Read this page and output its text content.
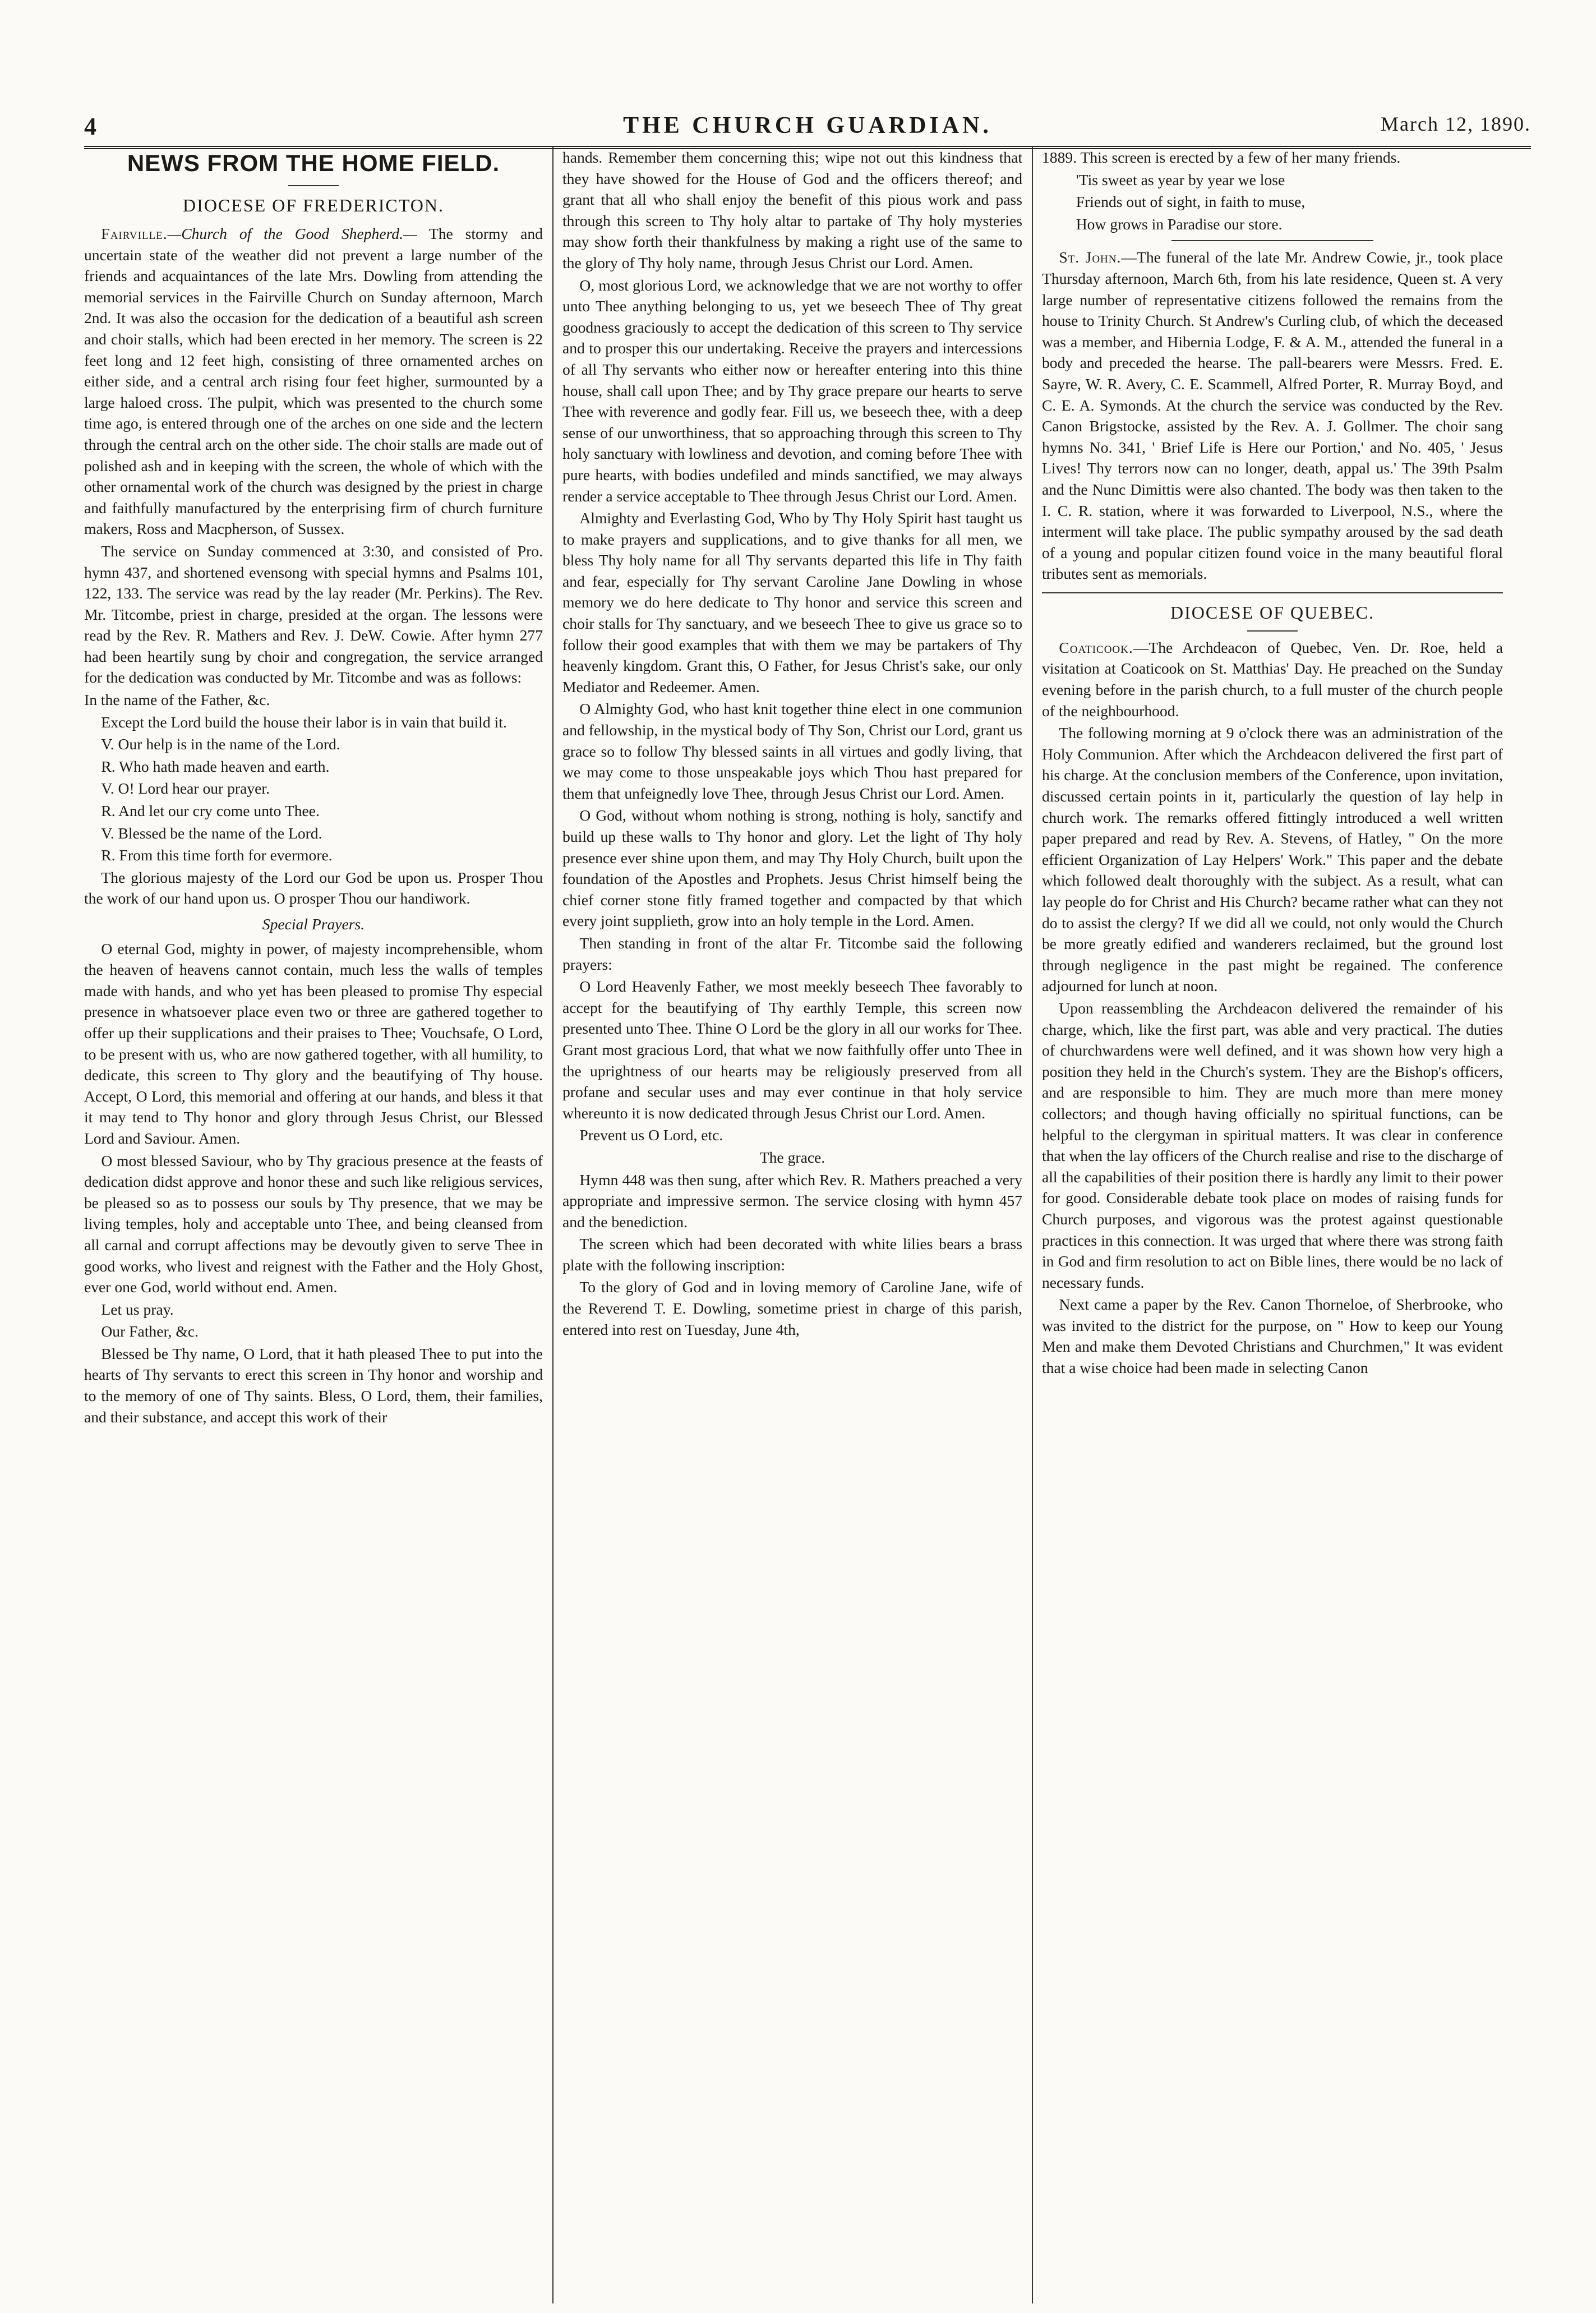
4	THE CHURCH GUARDIAN.	March 12, 1890.
NEWS FROM THE HOME FIELD.
DIOCESE OF FREDERICTON.

Fairville.—Church of the Good Shepherd.— The stormy and uncertain state of the weather did not prevent a large number of the friends and acquaintances of the late Mrs. Dowling from attending the memorial services in the Fairville Church on Sunday afternoon, March 2nd. It was also the occasion for the dedication of a beautiful ash screen and choir stalls, which had been erected in her memory. The screen is 22 feet long and 12 feet high, consisting of three ornamented arches on either side, and a central arch rising four feet higher, surmounted by a large haloed cross. The pulpit, which was presented to the church some time ago, is entered through one of the arches on one side and the lectern through the central arch on the other side. The choir stalls are made out of polished ash and in keeping with the screen, the whole of which with the other ornamental work of the church was designed by the priest in charge and faithfully manufactured by the enterprising firm of church furniture makers, Ross and Macpherson, of Sussex.

The service on Sunday commenced at 3:30, and consisted of Pro. hymn 437, and shortened evensong with special hymns and Psalms 101, 122, 133. The service was read by the lay reader (Mr. Perkins). The Rev. Mr. Titcombe, priest in charge, presided at the organ. The lessons were read by the Rev. R. Mathers and Rev. J. DeW. Cowie. After hymn 277 had been heartily sung by choir and congregation, the service arranged for the dedication was conducted by Mr. Titcombe and was as follows:

In the name of the Father, &c.

Except the Lord build the house their labor is in vain that build it.

V. Our help is in the name of the Lord.

R. Who hath made heaven and earth.

V. O! Lord hear our prayer.

R. And let our cry come unto Thee.

V. Blessed be the name of the Lord.

R. From this time forth for evermore.

The glorious majesty of the Lord our God be upon us. Prosper Thou the work of our hand upon us. O prosper Thou our handiwork.

Special Prayers.

O eternal God, mighty in power, of majesty incomprehensible, whom the heaven of heavens cannot contain, much less the walls of temples made with hands, and who yet has been pleased to promise Thy especial presence in whatsoever place even two or three are gathered together to offer up their supplications and their praises to Thee; Vouchsafe, O Lord, to be present with us, who are now gathered together, with all humility, to dedicate, this screen to Thy glory and the beautifying of Thy house. Accept, O Lord, this memorial and offering at our hands, and bless it that it may tend to Thy honor and glory through Jesus Christ, our Blessed Lord and Saviour. Amen.

O most blessed Saviour, who by Thy gracious presence at the feasts of dedication didst approve and honor these and such like religious services, be pleased so as to possess our souls by Thy presence, that we may be living temples, holy and acceptable unto Thee, and being cleansed from all carnal and corrupt affections may be devoutly given to serve Thee in good works, who livest and reignest with the Father and the Holy Ghost, ever one God, world without end. Amen.

Let us pray.

Our Father, &c.

Blessed be Thy name, O Lord, that it hath pleased Thee to put into the hearts of Thy servants to erect this screen in Thy honor and worship and to the memory of one of Thy saints. Bless, O Lord, them, their families, and their substance, and accept this work of their

hands. Remember them concerning this; wipe not out this kindness that they have showed for the House of God and the officers thereof; and grant that all who shall enjoy the benefit of this pious work and pass through this screen to Thy holy altar to partake of Thy holy mysteries may show forth their thankfulness by making a right use of the same to the glory of Thy holy name, through Jesus Christ our Lord. Amen.

O, most glorious Lord, we acknowledge that we are not worthy to offer unto Thee anything belonging to us, yet we beseech Thee of Thy great goodness graciously to accept the dedication of this screen to Thy service and to prosper this our undertaking. Receive the prayers and intercessions of all Thy servants who either now or hereafter entering into this thine house, shall call upon Thee; and by Thy grace prepare our hearts to serve Thee with reverence and godly fear. Fill us, we beseech thee, with a deep sense of our unworthiness, that so approaching through this screen to Thy holy sanctuary with lowliness and devotion, and coming before Thee with pure hearts, with bodies undefiled and minds sanctified, we may always render a service acceptable to Thee through Jesus Christ our Lord. Amen.

Almighty and Everlasting God, Who by Thy Holy Spirit hast taught us to make prayers and supplications, and to give thanks for all men, we bless Thy holy name for all Thy servants departed this life in Thy faith and fear, especially for Thy servant Caroline Jane Dowling in whose memory we do here dedicate to Thy honor and service this screen and choir stalls for Thy sanctuary, and we beseech Thee to give us grace so to follow their good examples that with them we may be partakers of Thy heavenly kingdom. Grant this, O Father, for Jesus Christ's sake, our only Mediator and Redeemer. Amen.

O Almighty God, who hast knit together thine elect in one communion and fellowship, in the mystical body of Thy Son, Christ our Lord, grant us grace so to follow Thy blessed saints in all virtues and godly living, that we may come to those unspeakable joys which Thou hast prepared for them that unfeignedly love Thee, through Jesus Christ our Lord. Amen.

O God, without whom nothing is strong, nothing is holy, sanctify and build up these walls to Thy honor and glory. Let the light of Thy holy presence ever shine upon them, and may Thy Holy Church, built upon the foundation of the Apostles and Prophets. Jesus Christ himself being the chief corner stone fitly framed together and compacted by that which every joint supplieth, grow into an holy temple in the Lord. Amen.

Then standing in front of the altar Fr. Titcombe said the following prayers:

O Lord Heavenly Father, we most meekly beseech Thee favorably to accept for the beautifying of Thy earthly Temple, this screen now presented unto Thee. Thine O Lord be the glory in all our works for Thee. Grant most gracious Lord, that what we now faithfully offer unto Thee in the uprightness of our hearts may be religiously preserved from all profane and secular uses and may ever continue in that holy service whereunto it is now dedicated through Jesus Christ our Lord. Amen.

Prevent us O Lord, etc.

The grace.

Hymn 448 was then sung, after which Rev. R. Mathers preached a very appropriate and impressive sermon. The service closing with hymn 457 and the benediction.

The screen which had been decorated with white lilies bears a brass plate with the following inscription:

To the glory of God and in loving memory of Caroline Jane, wife of the Reverend T. E. Dowling, sometime priest in charge of this parish, entered into rest on Tuesday, June 4th,

1889. This screen is erected by a few of her many friends.

'Tis sweet as year by year we lose

Friends out of sight, in faith to muse,

How grows in Paradise our store.

St. John.—The funeral of the late Mr. Andrew Cowie, jr., took place Thursday afternoon, March 6th, from his late residence, Queen st. A very large number of representative citizens followed the remains from the house to Trinity Church. St Andrew's Curling club, of which the deceased was a member, and Hibernia Lodge, F. & A. M., attended the funeral in a body and preceded the hearse. The pall-bearers were Messrs. Fred. E. Sayre, W. R. Avery, C. E. Scammell, Alfred Porter, R. Murray Boyd, and C. E. A. Symonds. At the church the service was conducted by the Rev. Canon Brigstocke, assisted by the Rev. A. J. Gollmer. The choir sang hymns No. 341, ' Brief Life is Here our Portion,' and No. 405, ' Jesus Lives! Thy terrors now can no longer, death, appal us.' The 39th Psalm and the Nunc Dimittis were also chanted. The body was then taken to the I. C. R. station, where it was forwarded to Liverpool, N.S., where the interment will take place. The public sympathy aroused by the sad death of a young and popular citizen found voice in the many beautiful floral tributes sent as memorials.

DIOCESE OF QUEBEC.

Coaticook.—The Archdeacon of Quebec, Ven. Dr. Roe, held a visitation at Coaticook on St. Matthias' Day. He preached on the Sunday evening before in the parish church, to a full muster of the church people of the neighbourhood.

The following morning at 9 o'clock there was an administration of the Holy Communion. After which the Archdeacon delivered the first part of his charge. At the conclusion members of the Conference, upon invitation, discussed certain points in it, particularly the question of lay help in church work. The remarks offered fittingly introduced a well written paper prepared and read by Rev. A. Stevens, of Hatley, " On the more efficient Organization of Lay Helpers' Work." This paper and the debate which followed dealt thoroughly with the subject. As a result, what can lay people do for Christ and His Church? became rather what can they not do to assist the clergy? If we did all we could, not only would the Church be more greatly edified and wanderers reclaimed, but the ground lost through negligence in the past might be regained. The conference adjourned for lunch at noon.

Upon reassembling the Archdeacon delivered the remainder of his charge, which, like the first part, was able and very practical. The duties of churchwardens were well defined, and it was shown how very high a position they held in the Church's system. They are the Bishop's officers, and are responsible to him. They are much more than mere money collectors; and though having officially no spiritual functions, can be helpful to the clergyman in spiritual matters. It was clear in conference that when the lay officers of the Church realise and rise to the discharge of all the capabilities of their position there is hardly any limit to their power for good. Considerable debate took place on modes of raising funds for Church purposes, and vigorous was the protest against questionable practices in this connection. It was urged that where there was strong faith in God and firm resolution to act on Bible lines, there would be no lack of necessary funds.

Next came a paper by the Rev. Canon Thorneloe, of Sherbrooke, who was invited to the district for the purpose, on " How to keep our Young Men and make them Devoted Christians and Churchmen," It was evident that a wise choice had been made in selecting Canon
